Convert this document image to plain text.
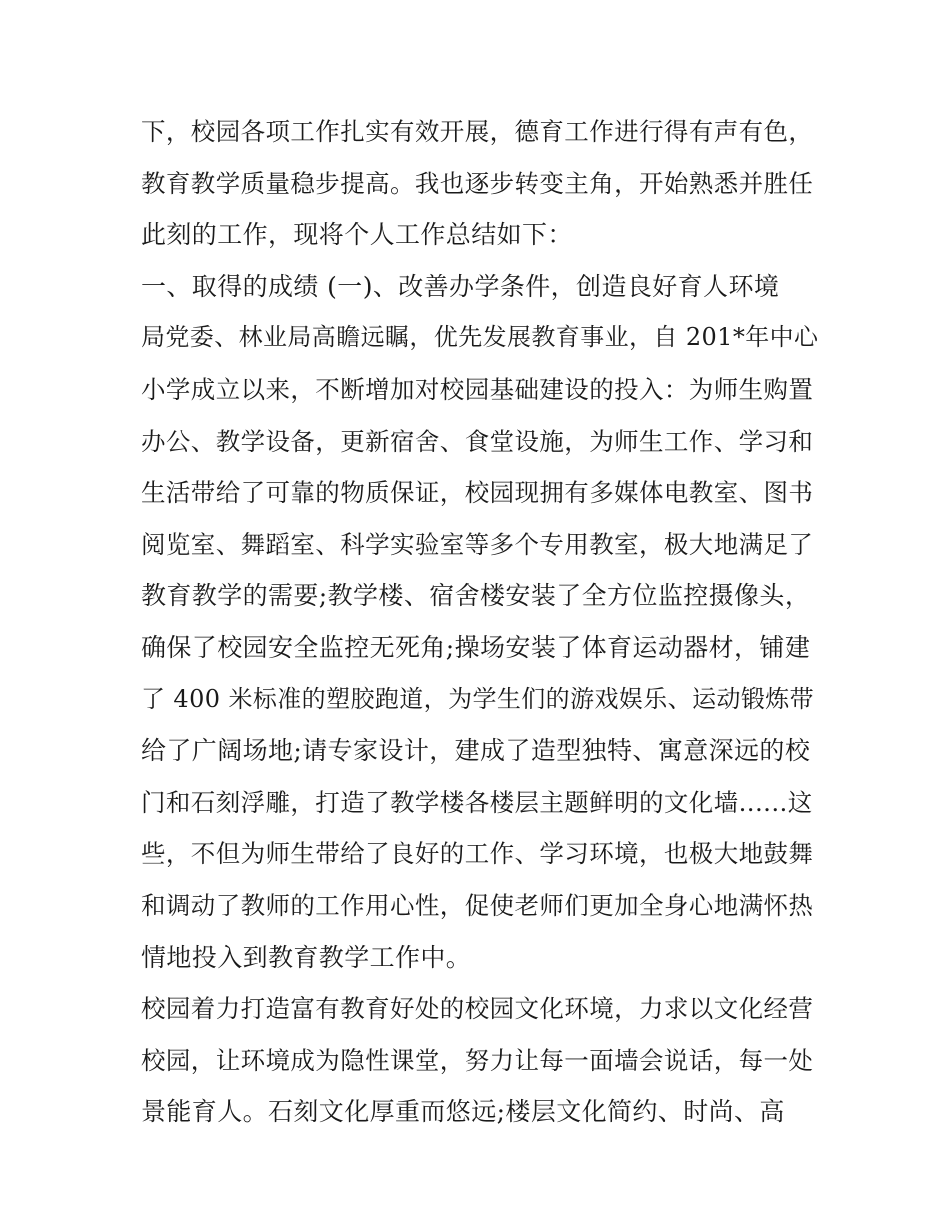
下，校园各项工作扎实有效开展，德育工作进行得有声有色，
教育教学质量稳步提高。我也逐步转变主角，开始熟悉并胜任
此刻的工作，现将个人工作总结如下：
一、取得的成绩 (一)、改善办学条件，创造良好育人环境
局党委、林业局高瞻远瞩，优先发展教育事业，自 201*年中心
小学成立以来，不断增加对校园基础建设的投入：为师生购置
办公、教学设备，更新宿舍、食堂设施，为师生工作、学习和
生活带给了可靠的物质保证，校园现拥有多媒体电教室、图书
阅览室、舞蹈室、科学实验室等多个专用教室，极大地满足了
教育教学的需要;教学楼、宿舍楼安装了全方位监控摄像头，
确保了校园安全监控无死角;操场安装了体育运动器材，铺建
了 400 米标准的塑胶跑道，为学生们的游戏娱乐、运动锻炼带
给了广阔场地;请专家设计，建成了造型独特、寓意深远的校
门和石刻浮雕，打造了教学楼各楼层主题鲜明的文化墙......这
些，不但为师生带给了良好的工作、学习环境，也极大地鼓舞
和调动了教师的工作用心性，促使老师们更加全身心地满怀热
情地投入到教育教学工作中。
校园着力打造富有教育好处的校园文化环境，力求以文化经营
校园，让环境成为隐性课堂，努力让每一面墙会说话，每一处
景能育人。石刻文化厚重而悠远;楼层文化简约、时尚、高
